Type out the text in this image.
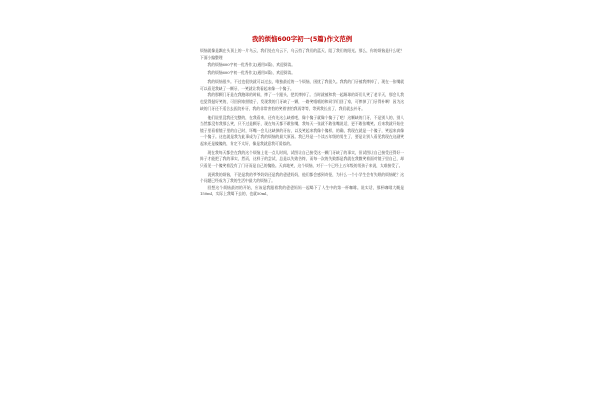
我的烦恼600字初一(5篇)作文范例

烦恼就像是飘在头顶上的一片乌云，我们处在乌云下，乌云挡了我们的蓝天，阻了我们的阳光。那么，你的烦恼是什么呢？下面小编整理

我的烦恼600字初一优秀作文(通用5篇)，欢迎阅读。

我的烦恼600字初一优秀作文(通用5篇)，欢迎阅读。

我的烦恼很多。不过也很快就可以过去，唯独最近的一个烦恼，困扰了我很久。我我的门牙被我摔掉了，现在一张嘴就可以看见我缺了一颗牙，一笑就让我看起来像一个傻子。

我的那颗门牙是在我跑球的时候，摔了一个跟头，把其摔掉了。当时就被和我一起踢球的哥们儿笑了老半天，那会儿我也觉得挺好笑的，可回到家照镜子，发现我的门牙缺了一颗，一路笑嘻嘻的和同学们回了家，可摔掉了门牙得补啊！因为这缺的门牙还不适合去医院补牙，我的非常害怕的笑着害怕我再等等，等到我长出了，我们就去补牙。

他们说里没我还完整的，在我看来，还有先这么缺着吧，像个傻子就像个傻子了吧！这颗缺的门牙，不是别人的，别人当然都没有我那么笑，只不过是颗牙，现在每天都不敢张嘴，我每天一张就不敢张嘴说话，更不敢张嘴笑。后来我就开始往镜子里看着镜子里的自己时，坏嘴一会儿这缺掉的牙齿，以及笑起来我像个傻样，的确，我现在就是一个傻子，笑起来真像一个傻子。这也就是我为此事成为了我的烦恼的最大原因。我已经是一个读五年级的男生了，要是让别人看见我现在这副笑起来还是傻傻的，肯定不太好，像是我就意我可爱似的。

现在我每天都会在我的这个烦恼上花一点儿时间，试图让自己接受这一颗门牙缺了的事实，但试图让自己接受还得好一阵子才能把了我的事实，然而，这样子的尝试，总是以失败告终，而每一次的失败都是我就在我微笑着面对镜子里自己，却只看见一个傻笑着没有了门牙而是自己的傻脸。天真地笑，这个烦恼，对于一个已经上五年级的男孩子来说，太难接受了。

说到我的烦恼，不论是我的爷爷奶奶还是我的爸爸妈妈，他们都会感到奇怪，为什么一个小学生会有失眠的烦恼呢？这个问题已经成为了我的生活中最大的烦恼了。

回想这个烦恼最初的开始，应该是我跟着我的爸爸妈妈一起喝下了人生中的第一杯咖啡。说实话，那杯咖啡大概是150ml，实际上我喝下去的，也就50ml，
